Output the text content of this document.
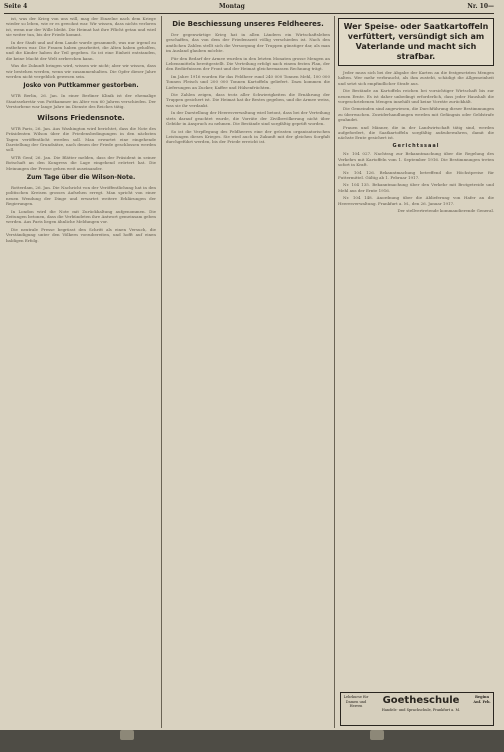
Seite 4	Montag	Nr. 10—

ist, was der Krieg von uns will, mag der Einzelne nach dem Kriege wieder so leben, wie er es gewohnt war. Wir wissen, dass nichts verloren ist, wenn nur der Wille bleibt. Die Heimat hat ihre Pflicht getan und wird sie weiter tun, bis der Friede kommt.

In der Stadt und auf dem Lande wurde gesammelt, was nur irgend zu entbehren war. Die Frauen haben gearbeitet, die Alten haben geholfen, und die Kinder haben ihr Teil gegeben. So ist eine Einheit entstanden, die keine Macht der Welt zerbrechen kann.

Was die Zukunft bringen wird, wissen wir nicht; aber wir wissen, dass wir bestehen werden, wenn wir zusammenhalten. Die Opfer dieser Jahre werden nicht vergeblich gewesen sein.

Josko von Puttkammer gestorben.

WTB Berlin, 26. Jan. In einer Berliner Klinik ist der ehemalige Staatssekretär von Puttkammer im Alter von 60 Jahren verschieden. Der Verstorbene war lange Jahre im Dienste des Reiches tätig.

Wilsons Friedensnote.

WTB Paris, 26. Jan. Aus Washington wird berichtet, dass die Note des Präsidenten Wilson über die Friedensbedingungen in den nächsten Tagen veröffentlicht werden soll. Man erwartet eine eingehende Darstellung der Grundsätze, nach denen der Friede geschlossen werden soll.

WTB Genf, 26. Jan. Die Blätter melden, dass der Präsident in seiner Botschaft an den Kongress die Lage eingehend erörtert hat. Die Meinungen der Presse gehen weit auseinander.

Zum Tage über die Wilson-Note.

Rotterdam, 26. Jan. Die Nachricht von der Veröffentlichung hat in den politischen Kreisen grosses Aufsehen erregt. Man spricht von einer neuen Wendung der Dinge und erwartet weitere Erklärungen der Regierungen.

In London wird die Note mit Zurückhaltung aufgenommen. Die Zeitungen betonen, dass die Verbündeten ihre Antwort gemeinsam geben werden. Aus Paris liegen ähnliche Meldungen vor.

Die neutrale Presse begrüsst den Schritt als einen Versuch, die Verständigung unter den Völkern vorzubereiten, und hofft auf einen baldigen Erfolg.

Die Beschiessung unseres Feldheeres.

Der gegenwärtige Krieg hat in allen Ländern ein Wirtschaftsleben geschaffen, das von dem der Friedenszeit völlig verschieden ist. Nach den amtlichen Zahlen stellt sich die Versorgung der Truppen günstiger dar, als man im Ausland glauben möchte.

Für den Bedarf der Armee wurden in den letzten Monaten grosse Mengen an Lebensmitteln bereitgestellt. Die Verteilung erfolgt nach einem festen Plan, der den Bedürfnissen der Front und der Heimat gleichermassen Rechnung trägt.

Im Jahre 1916 wurden für das Feldheer rund 240 000 Tonnen Mehl, 100 000 Tonnen Fleisch und 200 000 Tonnen Kartoffeln geliefert. Dazu kommen die Lieferungen an Zucker, Kaffee und Hülsenfrüchten.

Die Zahlen zeigen, dass trotz aller Schwierigkeiten die Ernährung der Truppen gesichert ist. Die Heimat hat ihr Bestes gegeben, und die Armee weiss, was sie ihr verdankt.

In der Darstellung der Heeresverwaltung wird betont, dass bei der Verteilung stets darauf geachtet wurde, die Vorräte der Zivilbevölkerung nicht über Gebühr in Anspruch zu nehmen. Die Bestände sind sorgfältig geprüft worden.

So ist die Verpflegung des Feldheeres eine der grössten organisatorischen Leistungen dieses Krieges. Sie wird auch in Zukunft mit der gleichen Sorgfalt durchgeführt werden, bis der Friede erreicht ist.

Wer Speise- oder Saatkartoffeln verfüttert, versündigt sich am Vaterlande und macht sich strafbar.

Jeder muss sich bei der Abgabe der Karten an die festgesetzten Mengen halten. Wer mehr verbraucht, als ihm zusteht, schädigt die Allgemeinheit und setzt sich empfindlicher Strafe aus.

Die Bestände an Kartoffeln reichen bei vorsichtiger Wirtschaft bis zur neuen Ernte. Es ist daher unbedingt erforderlich, dass jeder Haushalt die vorgeschriebenen Mengen innehält und keine Vorräte zurückhält.

Die Gemeinden sind angewiesen, die Durchführung dieser Bestimmungen zu überwachen. Zuwiderhandlungen werden mit Gefängnis oder Geldstrafe geahndet.

Frauen und Männer, die in der Landwirtschaft tätig sind, werden aufgefordert, die Saatkartoffeln sorgfältig aufzubewahren, damit die nächste Ernte gesichert ist.

Gerichtssaal

Nr. 104 027. Nachtrag zur Bekanntmachung über die Regelung des Verkehrs mit Kartoffeln vom 1. September 1916. Die Bestimmungen treten sofort in Kraft.

Nr. 104 126. Bekanntmachung betreffend die Höchstpreise für Futtermittel. Gültig ab 1. Februar 1917.

Nr. 104 135. Bekanntmachung über den Verkehr mit Brotgetreide und Mehl aus der Ernte 1916.

Nr. 104 148. Anordnung über die Ablieferung von Hafer an die Heeresverwaltung. Frankfurt a. M., den 26. Januar 1917.

Der stellvertretende kommandierende General.

Lehrkurse für Damen und Herren	Goetheschule
Handels- und Sprachschule, Frankfurt a. M.
Beginn Anf. Feb.
